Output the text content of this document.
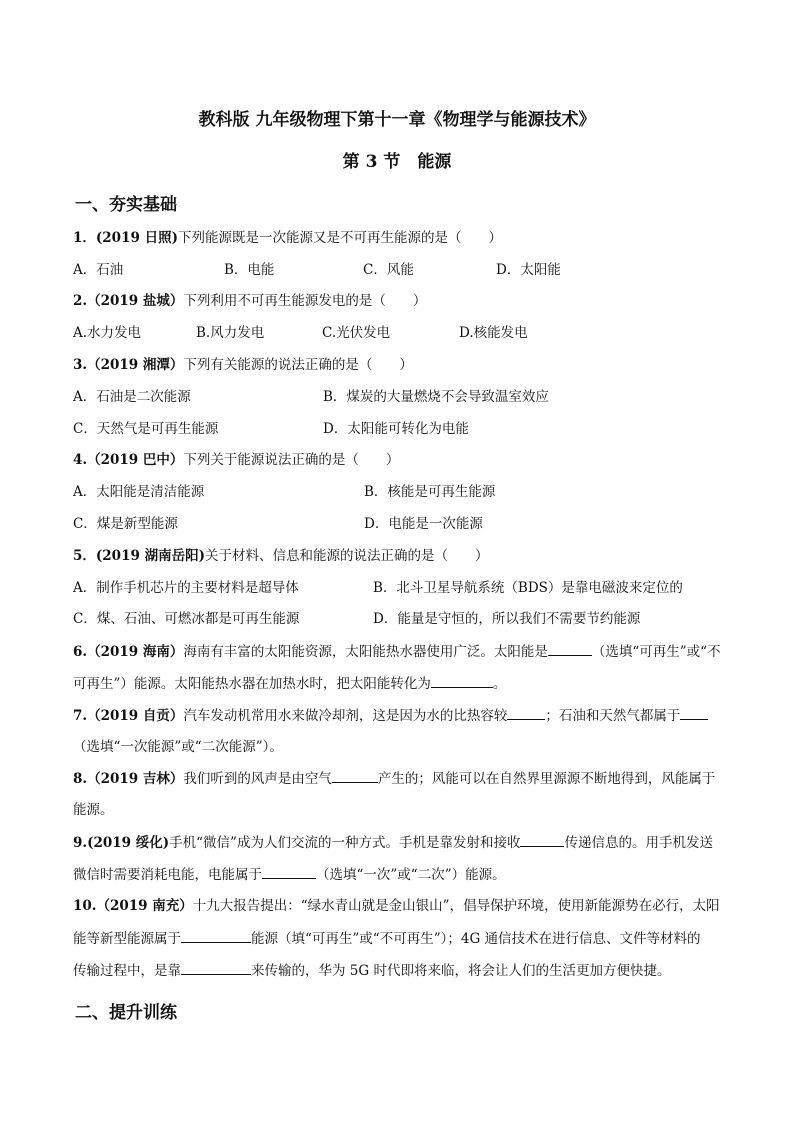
教科版 九年级物理下第十一章《物理学与能源技术》
第 3 节　能源
一、夯实基础
1．(2019 日照)下列能源既是一次能源又是不可再生能源的是（　　）
A．石油	B．电能	C．风能	D．太阳能
2.（2019 盐城）下列利用不可再生能源发电的是（　　）
A.水力发电	B.风力发电	C.光伏发电	D.核能发电
3.（2019 湘潭）下列有关能源的说法正确的是（　　）
A．石油是二次能源	B．煤炭的大量燃烧不会导致温室效应
C．天然气是可再生能源	D．太阳能可转化为电能
4.（2019 巴中）下列关于能源说法正确的是（　　）
A．太阳能是清洁能源	B．核能是可再生能源
C．煤是新型能源	D．电能是一次能源
5．(2019 湖南岳阳)关于材料、信息和能源的说法正确的是（　　）
A．制作手机芯片的主要材料是超导体	B．北斗卫星导航系统（BDS）是靠电磁波来定位的
C．煤、石油、可燃冰都是可再生能源	D．能量是守恒的，所以我们不需要节约能源
6.（2019 海南）海南有丰富的太阳能资源，太阳能热水器使用广泛。太阳能是	（选填“可再生”或“不
可再生”）能源。太阳能热水器在加热水时，把太阳能转化为	。
7.（2019 自贡）汽车发动机常用水来做冷却剂，这是因为水的比热容较	；石油和天然气都属于
（选填“一次能源”或“二次能源”）。
8.（2019 吉林）我们听到的风声是由空气	产生的；风能可以在自然界里源源不断地得到，风能属于
能源。
9.(2019 绥化)手机“微信”成为人们交流的一种方式。手机是靠发射和接收	传递信息的。用手机发送
微信时需要消耗电能，电能属于	（选填“一次”或“二次”）能源。
10.（2019 南充）十九大报告提出：“绿水青山就是金山银山”，倡导保护环境，使用新能源势在必行，太阳
能等新型能源属于	能源（填“可再生”或“不可再生”）；4G 通信技术在进行信息、文件等材料的
传输过程中，是靠	来传输的，华为 5G 时代即将来临，将会让人们的生活更加方便快捷。
二、提升训练
